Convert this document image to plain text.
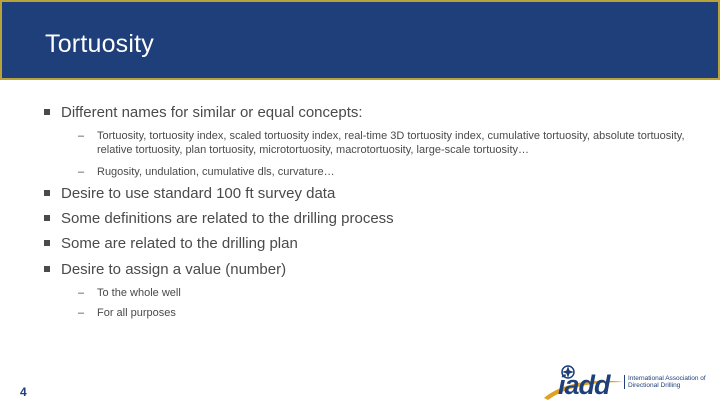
Tortuosity
Different names for similar or equal concepts:
– Tortuosity, tortuosity index, scaled tortuosity index, real-time 3D tortuosity index, cumulative tortuosity, absolute tortuosity, relative tortuosity, plan tortuosity, microtortuosity, macrotortuosity, large-scale tortuosity…
– Rugosity, undulation, cumulative dls, curvature…
Desire to use standard 100 ft survey data
Some definitions are related to the drilling process
Some are related to the drilling plan
Desire to assign a value (number)
– To the whole well
– For all purposes
4	iadd	International Association of Directional Drilling
